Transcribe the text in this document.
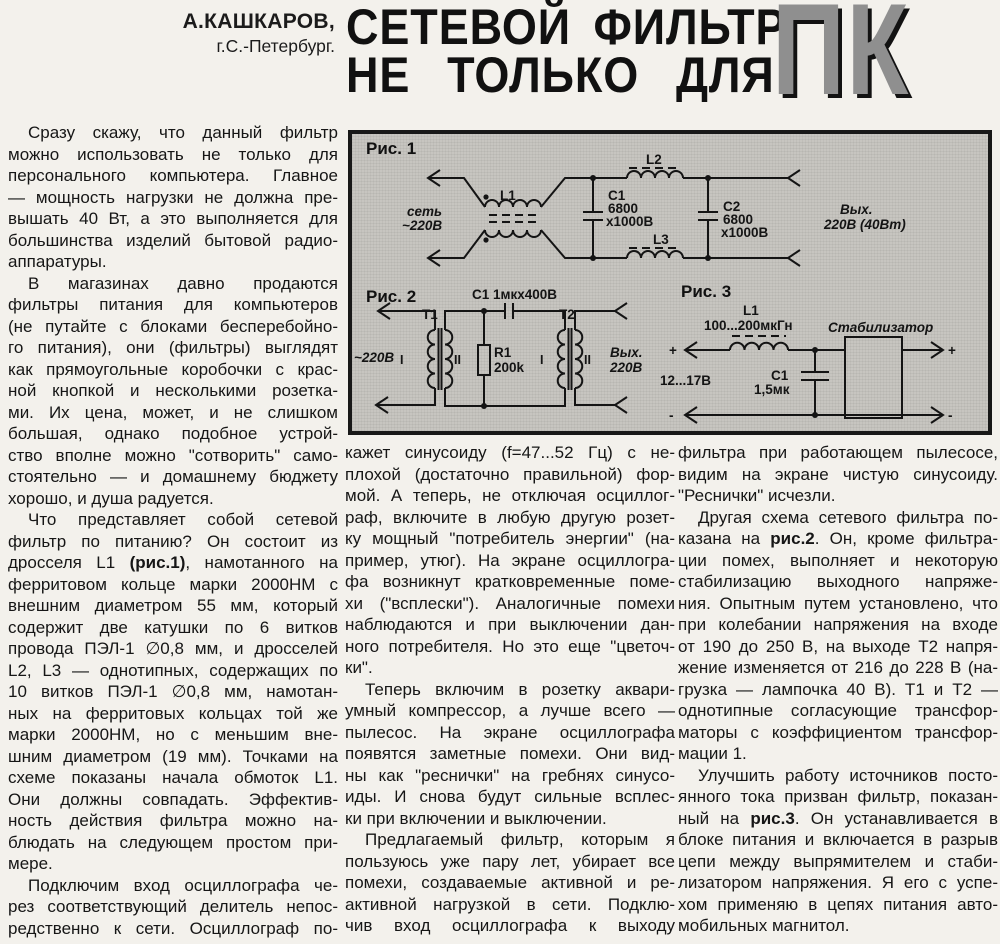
А.КАШКАРОВ,
г.С.-Петербург. СЕТЕВОЙ ФИЛЬТР
НЕ ТОЛЬКО ДЛЯ
ПК
Рис. 1
L1	С1
6800
х1000В
L2
L3
С2
6800
х1000В
сеть
~220В
Вых.
220В (40Вт)
Рис. 2
~220В
Т1
I	II
С1 1мкх400В
R1
200k
Т2
I	II Вых.
220В
Рис. 3
L1
100...200мкГн
+
12...17В	С1
1,5мк
Стабилизатор
+
-	-
Сразу скажу, что данный фильтр
можно использовать не только для
персонального компьютера. Главное
— мощность нагрузки не должна пре-
вышать 40 Вт, а это выполняется для
большинства изделий бытовой радио-
аппаратуры.
В магазинах давно продаются
фильтры питания для компьютеров
(не путайте с блоками бесперебойно-
го питания), они (фильтры) выглядят
как прямоугольные коробочки с крас-
ной кнопкой и несколькими розетка-
ми. Их цена, может, и не слишком
большая, однако подобное устрой-
ство вполне можно "сотворить" само-
стоятельно — и домашнему бюджету
хорошо, и душа радуется.
Что представляет собой сетевой
фильтр по питанию? Он состоит из
дросселя L1 (рис.1), намотанного на
ферритовом кольце марки 2000НМ с
внешним диаметром 55 мм, который
содержит две катушки по 6 витков
провода ПЭЛ-1 ∅0,8 мм, и дросселей
L2, L3 — однотипных, содержащих по
10 витков ПЭЛ-1 ∅0,8 мм, намотан-
ных на ферритовых кольцах той же
марки 2000НМ, но с меньшим вне-
шним диаметром (19 мм). Точками на
схеме показаны начала обмоток L1.
Они должны совпадать. Эффектив-
ность действия фильтра можно на-
блюдать на следующем простом при-
мере.
Подключим вход осциллографа че-
рез соответствующий делитель непос-
редственно к сети. Осциллограф по-
кажет синусоиду (f=47...52 Гц) с не-
плохой (достаточно правильной) фор-
мой. А теперь, не отключая осциллог-
раф, включите в любую другую розет-
ку мощный "потребитель энергии" (на-
пример, утюг). На экране осциллогра-
фа возникнут кратковременные поме-
хи ("всплески"). Аналогичные помехи
наблюдаются и при выключении дан-
ного потребителя. Но это еще "цветоч-
ки".
Теперь включим в розетку аквари-
умный компрессор, а лучше всего —
пылесос. На экране осциллографа
появятся заметные помехи. Они вид-
ны как "реснички" на гребнях синусо-
иды. И снова будут сильные всплес-
ки при включении и выключении.
Предлагаемый фильтр, которым я
пользуюсь уже пару лет, убирает все
помехи, создаваемые активной и ре-
активной нагрузкой в сети. Подклю-
чив вход осциллографа к выходу
фильтра при работающем пылесосе,
видим на экране чистую синусоиду.
"Реснички" исчезли.
Другая схема сетевого фильтра по-
казана на рис.2. Он, кроме фильтра-
ции помех, выполняет и некоторую
стабилизацию выходного напряже-
ния. Опытным путем установлено, что
при колебании напряжения на входе
от 190 до 250 В, на выходе Т2 напря-
жение изменяется от 216 до 228 В (на-
грузка — лампочка 40 В). Т1 и Т2 —
однотипные согласующие трансфор-
маторы с коэффициентом трансфор-
мации 1.
Улучшить работу источников посто-
янного тока призван фильтр, показан-
ный на рис.3. Он устанавливается в
блоке питания и включается в разрыв
цепи между выпрямителем и стаби-
лизатором напряжения. Я его с успе-
хом применяю в цепях питания авто-
мобильных магнитол.
